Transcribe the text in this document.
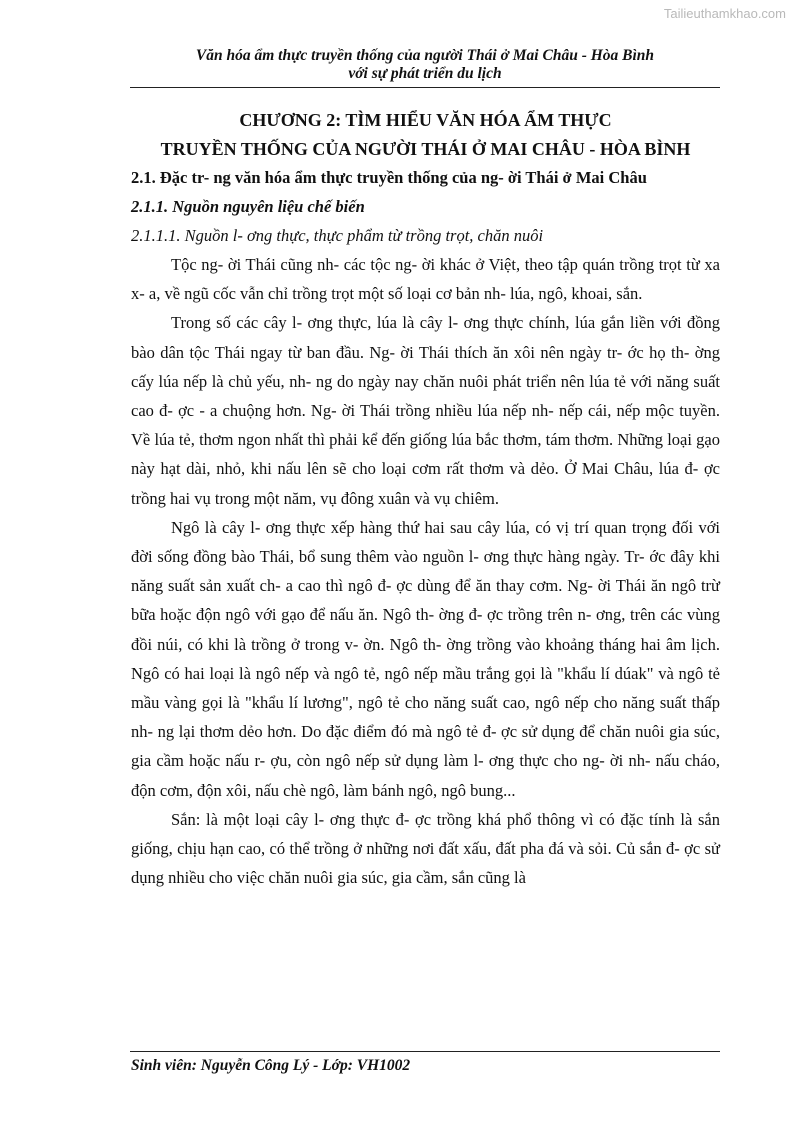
Tailieuthamkhao.com
Văn hóa ẩm thực truyền thống của người Thái ở Mai Châu - Hòa Bình
với sự phát triển du lịch

CHƯƠNG 2: TÌM HIỂU VĂN HÓA ẨM THỰC

TRUYỀN THỐNG CỦA NGƯỜI THÁI Ở MAI CHÂU - HÒA BÌNH

2.1. Đặc tr- ng văn hóa ẩm thực truyền thống của ng- ời Thái ở Mai Châu

2.1.1. Nguồn nguyên liệu chế biến

2.1.1.1. Nguồn l- ơng thực, thực phẩm từ trồng trọt, chăn nuôi

Tộc ng- ời Thái cũng nh- các tộc ng- ời khác ở Việt, theo tập quán trồng trọt từ xa x- a, về ngũ cốc vẫn chỉ trồng trọt một số loại cơ bản nh- lúa, ngô, khoai, sắn.

Trong số các cây l- ơng thực, lúa là cây l- ơng thực chính, lúa gắn liền với đồng bào dân tộc Thái ngay từ ban đầu. Ng- ời Thái thích ăn xôi nên ngày tr- ớc họ th- ờng cấy lúa nếp là chủ yếu, nh- ng do ngày nay chăn nuôi phát triển nên lúa tẻ với năng suất cao đ- ợc - a chuộng hơn. Ng- ời Thái trồng nhiều lúa nếp nh- nếp cái, nếp mộc tuyền. Về lúa tẻ, thơm ngon nhất thì phải kể đến giống lúa bắc thơm, tám thơm. Những loại gạo này hạt dài, nhỏ, khi nấu lên sẽ cho loại cơm rất thơm và dẻo. Ở Mai Châu, lúa đ- ợc trồng hai vụ trong một năm, vụ đông xuân và vụ chiêm.

Ngô là cây l- ơng thực xếp hàng thứ hai sau cây lúa, có vị trí quan trọng đối với đời sống đồng bào Thái, bổ sung thêm vào nguồn l- ơng thực hàng ngày. Tr- ớc đây khi năng suất sản xuất ch- a cao thì ngô đ- ợc dùng để ăn thay cơm. Ng- ời Thái ăn ngô trừ bữa hoặc độn ngô với gạo để nấu ăn. Ngô th- ờng đ- ợc trồng trên n- ơng, trên các vùng đồi núi, có khi là trồng ở trong v- ờn. Ngô th- ờng trồng vào khoảng tháng hai âm lịch. Ngô có hai loại là ngô nếp và ngô tẻ, ngô nếp mầu trắng gọi là "khẩu lí dúak" và ngô tẻ mầu vàng gọi là "khẩu lí lương", ngô tẻ cho năng suất cao, ngô nếp cho năng suất thấp nh- ng lại thơm dẻo hơn. Do đặc điểm đó mà ngô tẻ đ- ợc sử dụng để chăn nuôi gia súc, gia cầm hoặc nấu r- ợu, còn ngô nếp sử dụng làm l- ơng thực cho ng- ời nh- nấu cháo, độn cơm, độn xôi, nấu chè ngô, làm bánh ngô, ngô bung...

Sắn: là một loại cây l- ơng thực đ- ợc trồng khá phổ thông vì có đặc tính là sắn giống, chịu hạn cao, có thể trồng ở những nơi đất xấu, đất pha đá và sỏi. Củ sắn đ- ợc sử dụng nhiều cho việc chăn nuôi gia súc, gia cầm, sắn cũng là

Sinh viên: Nguyễn Công Lý - Lớp: VH1002
